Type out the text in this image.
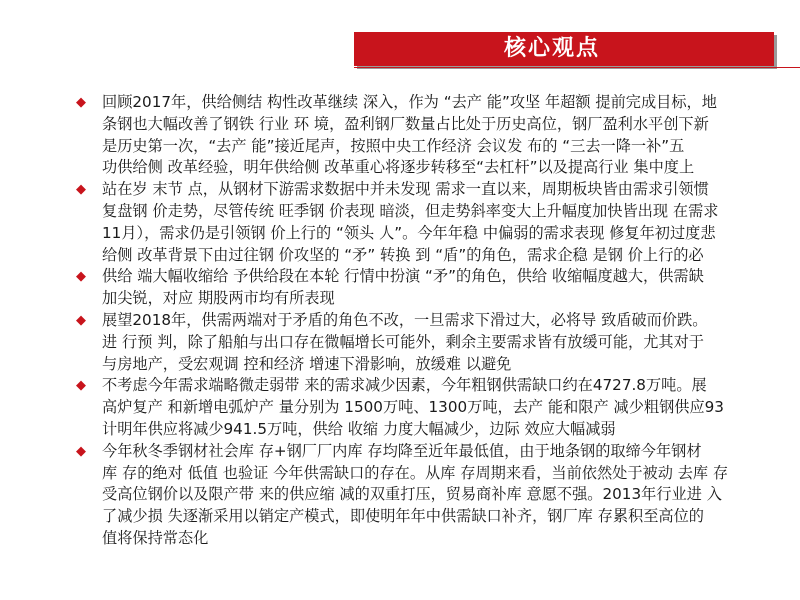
核心观点
◆ 回顾2017年，供给侧结 构性改革继续 深入，作为 “去产 能”攻坚 年超额 提前完成目标，地
条钢也大幅改善了钢铁 行业 环 境，盈利钢厂数量占比处于历史高位，钢厂盈利水平创下新
是历史第一次，“去产 能”接近尾声，按照中央工作经济 会议发 布的 “三去一降一补”五
功供给侧 改革经验，明年供给侧 改革重心将逐步转移至“去杠杆”以及提高行业 集中度上
◆ 站在岁 末节 点，从钢材下游需求数据中并未发现 需求一直以来，周期板块皆由需求引领惯
复盘钢 价走势，尽管传统 旺季钢 价表现 暗淡，但走势斜率变大上升幅度加快皆出现 在需求
11月），需求仍是引领钢 价上行的 “领头 人”。今年年稳 中偏弱的需求表现 修复年初过度悲
给侧 改革背景下由过往钢 价攻坚的 “矛” 转换 到 “盾”的角色，需求企稳 是钢 价上行的必
◆ 供给 端大幅收缩给 予供给段在本轮 行情中扮演 “矛”的角色，供给 收缩幅度越大，供需缺
加尖锐，对应 期股两市均有所表现
◆ 展望2018年，供需两端对于矛盾的角色不改，一旦需求下滑过大，必将导 致盾破而价跌。
进 行预 判，除了船舶与出口存在微幅增长可能外，剩余主要需求皆有放缓可能，尤其对于
与房地产，受宏观调 控和经济 增速下滑影响，放缓难 以避免
◆ 不考虑今年需求端略微走弱带 来的需求减少因素，今年粗钢供需缺口约在4727.8万吨。展
高炉复产 和新增电弧炉产 量分别为 1500万吨、1300万吨，去产 能和限产 减少粗钢供应93
计明年供应将减少941.5万吨，供给 收缩 力度大幅减少，边际 效应大幅减弱
◆ 今年秋冬季钢材社会库 存+钢厂厂内库 存均降至近年最低值，由于地条钢的取缔今年钢材
库 存的绝对 低值 也验证 今年供需缺口的存在。从库 存周期来看，当前依然处于被动 去库 存
受高位钢价以及限产带 来的供应缩 减的双重打压，贸易商补库 意愿不强。2013年行业进 入
了减少损 失逐渐采用以销定产模式，即使明年年中供需缺口补齐，钢厂库 存累积至高位的
值将保持常态化
